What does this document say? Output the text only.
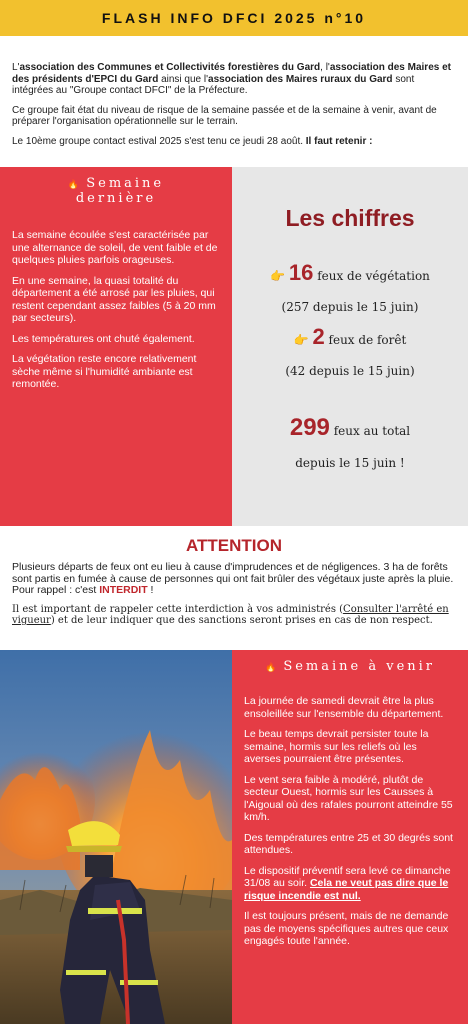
FLASH INFO DFCI 2025 n°10

L'association des Communes et Collectivités forestières du Gard, l'association des Maires et des présidents d'EPCI du Gard ainsi que l'association des Maires ruraux du Gard sont intégrées au "Groupe contact DFCI" de la Préfecture.

Ce groupe fait état du niveau de risque de la semaine passée et de la semaine à venir, avant de préparer l'organisation opérationnelle sur le terrain.

Le 10ème groupe contact estival 2025 s'est tenu ce jeudi 28 août. Il faut retenir :

🔥 Semaine
dernière

La semaine écoulée s'est caractérisée par une alternance de soleil, de vent faible et de quelques pluies parfois orageuses.

En une semaine, la quasi totalité du département a été arrosé par les pluies, qui restent cependant assez faibles (5 à 20 mm par secteurs).

Les températures ont chuté également.

La végétation reste encore relativement sèche même si l'humidité ambiante est remontée.

Les chiffres
👉 16 feux de végétation
(257 depuis le 15 juin)
👉 2 feux de forêt
(42 depuis le 15 juin)
299 feux au total
depuis le 15 juin !
ATTENTION

Plusieurs départs de feux ont eu lieu à cause d'imprudences et de négligences. 3 ha de forêts sont partis en fumée à cause de personnes qui ont fait brûler des végétaux juste après la pluie. Pour rappel : c'est INTERDIT !

Il est important de rappeler cette interdiction à vos administrés (Consulter l'arrêté en vigueur) et de leur indiquer que des sanctions seront prises en cas de non respect.

🔥 Semaine à venir

La journée de samedi devrait être la plus ensoleillée sur l'ensemble du département.

Le beau temps devrait persister toute la semaine, hormis sur les reliefs où les averses pourraient être présentes.

Le vent sera faible à modéré, plutôt de secteur Ouest, hormis sur les Causses à l'Aigoual où des rafales pourront atteindre 55 km/h.

Des températures entre 25 et 30 degrés sont attendues.

Le dispositif préventif sera levé ce dimanche 31/08 au soir. Cela ne veut pas dire que le risque incendie est nul.

Il est toujours présent, mais de ne demande pas de moyens spécifiques autres que ceux engagés toute l'année.
